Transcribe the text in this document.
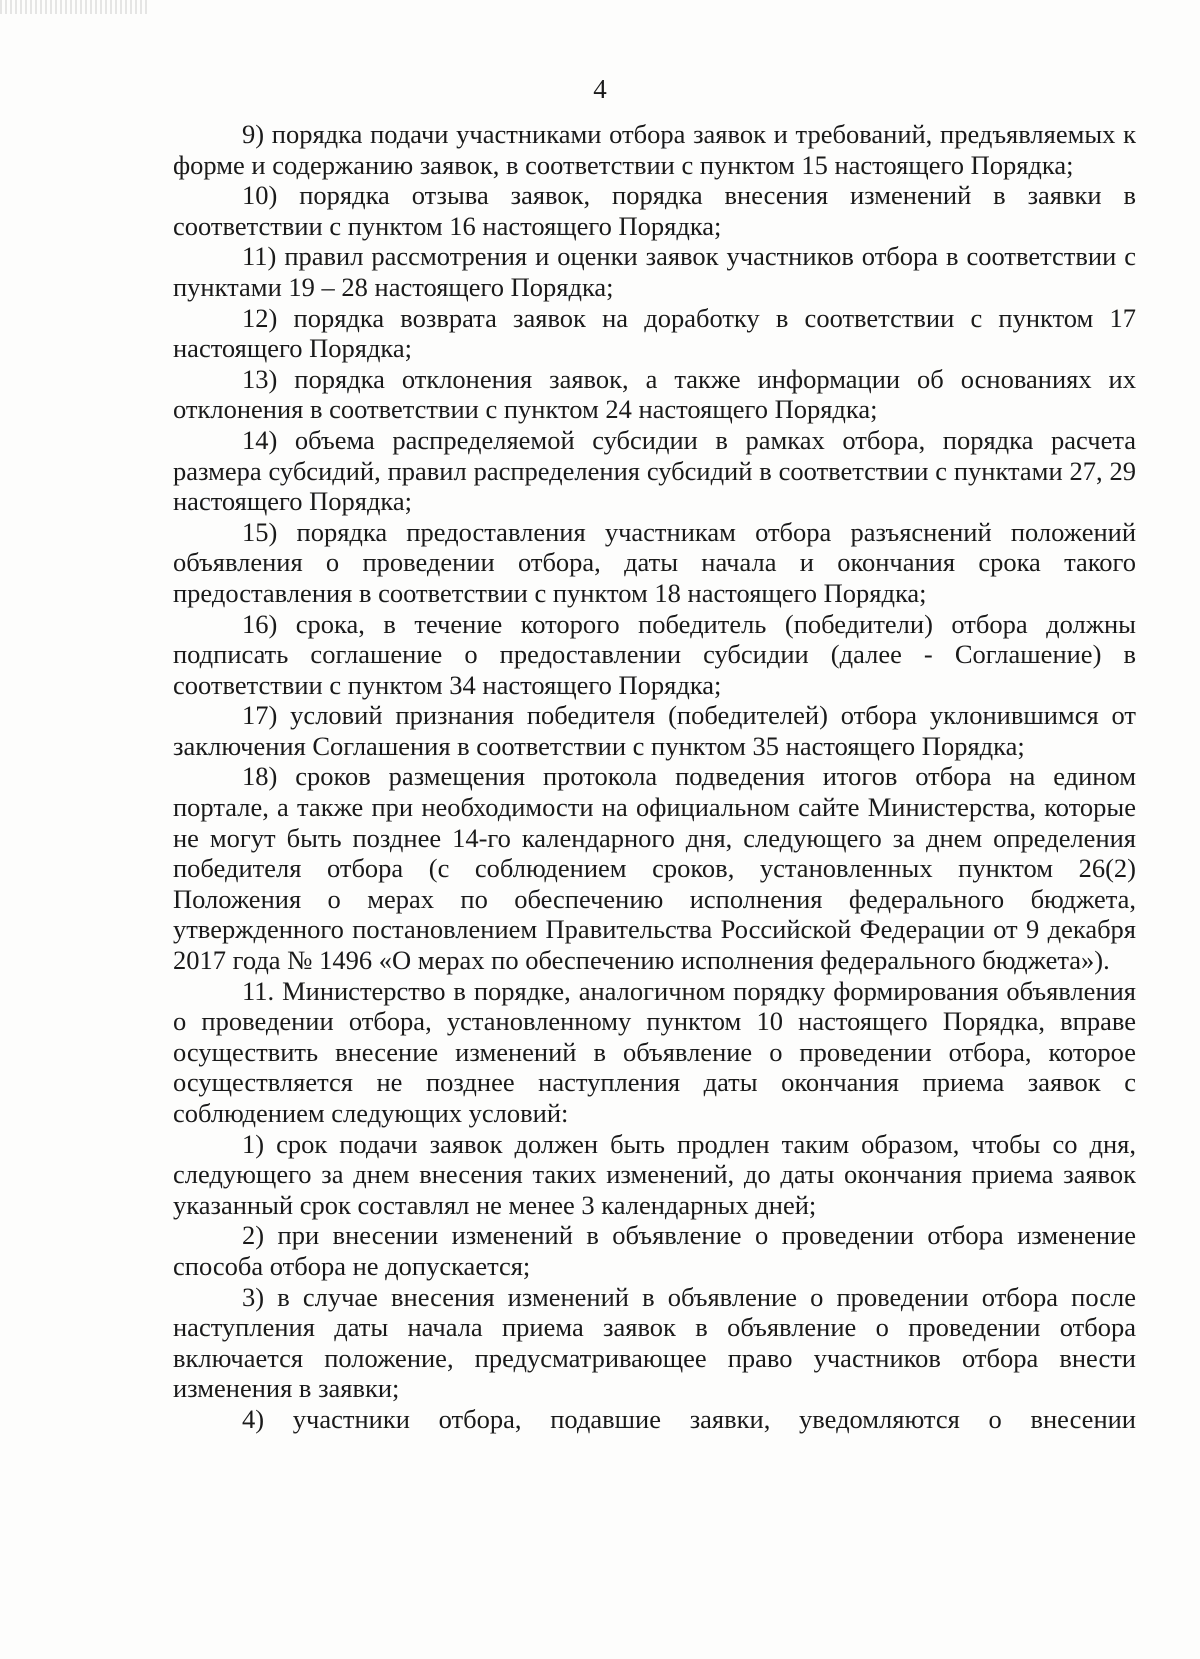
4

9) порядка подачи участниками отбора заявок и требований, предъявляемых к форме и содержанию заявок, в соответствии с пунктом 15 настоящего Порядка;

10) порядка отзыва заявок, порядка внесения изменений в заявки в соответствии с пунктом 16 настоящего Порядка;

11) правил рассмотрения и оценки заявок участников отбора в соответствии с пунктами 19 – 28 настоящего Порядка;

12) порядка возврата заявок на доработку в соответствии с пунктом 17 настоящего Порядка;

13) порядка отклонения заявок, а также информации об основаниях их отклонения в соответствии с пунктом 24 настоящего Порядка;

14) объема распределяемой субсидии в рамках отбора, порядка расчета размера субсидий, правил распределения субсидий в соответствии с пунктами 27, 29 настоящего Порядка;

15) порядка предоставления участникам отбора разъяснений положений объявления о проведении отбора, даты начала и окончания срока такого предоставления в соответствии с пунктом 18 настоящего Порядка;

16) срока, в течение которого победитель (победители) отбора должны подписать соглашение о предоставлении субсидии (далее - Соглашение) в соответствии с пунктом 34 настоящего Порядка;

17) условий признания победителя (победителей) отбора уклонившимся от заключения Соглашения в соответствии с пунктом 35 настоящего Порядка;

18) сроков размещения протокола подведения итогов отбора на едином портале, а также при необходимости на официальном сайте Министерства, которые не могут быть позднее 14-го календарного дня, следующего за днем определения победителя отбора (с соблюдением сроков, установленных пунктом 26(2) Положения о мерах по обеспечению исполнения федерального бюджета, утвержденного постановлением Правительства Российской Федерации от 9 декабря 2017 года № 1496 «О мерах по обеспечению исполнения федерального бюджета»).

11. Министерство в порядке, аналогичном порядку формирования объявления о проведении отбора, установленному пунктом 10 настоящего Порядка, вправе осуществить внесение изменений в объявление о проведении отбора, которое осуществляется не позднее наступления даты окончания приема заявок с соблюдением следующих условий:

1) срок подачи заявок должен быть продлен таким образом, чтобы со дня, следующего за днем внесения таких изменений, до даты окончания приема заявок указанный срок составлял не менее 3 календарных дней;

2) при внесении изменений в объявление о проведении отбора изменение способа отбора не допускается;

3) в случае внесения изменений в объявление о проведении отбора после наступления даты начала приема заявок в объявление о проведении отбора включается положение, предусматривающее право участников отбора внести изменения в заявки;

4) участники отбора, подавшие заявки, уведомляются о внесении
